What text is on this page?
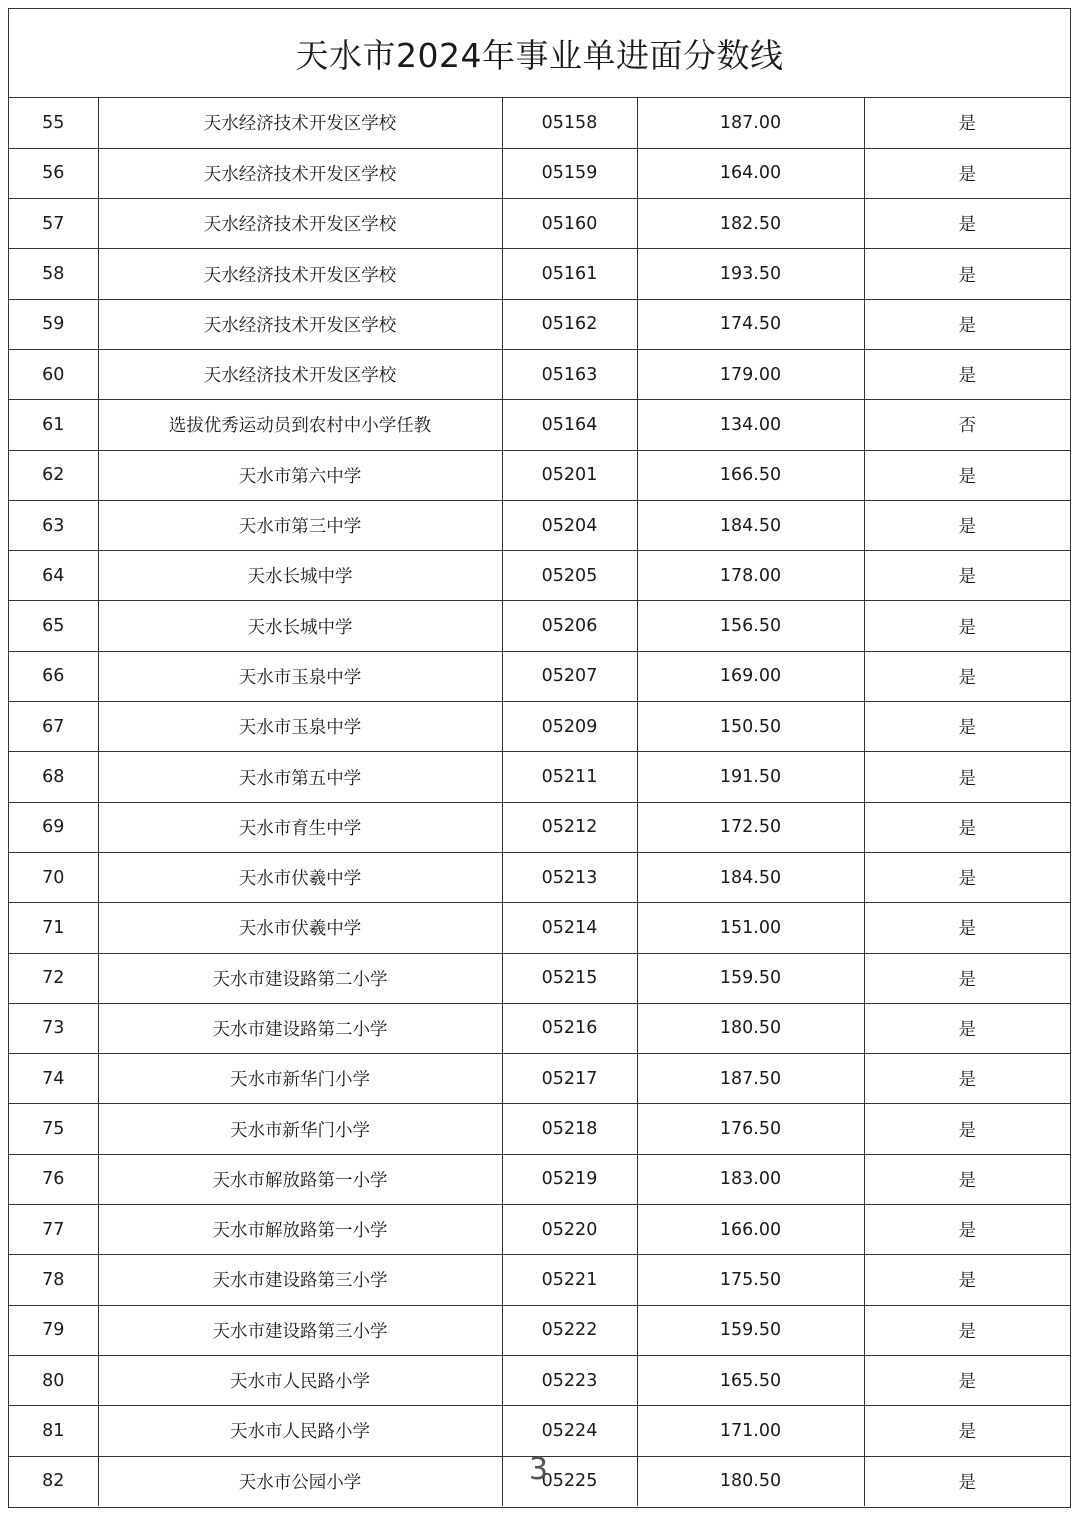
天水市2024年事业单进面分数线
55	天水经济技术开发区学校	05158	187.00	是
56	天水经济技术开发区学校	05159	164.00	是
57	天水经济技术开发区学校	05160	182.50	是
58	天水经济技术开发区学校	05161	193.50	是
59	天水经济技术开发区学校	05162	174.50	是
60	天水经济技术开发区学校	05163	179.00	是
61	选拔优秀运动员到农村中小学任教	05164	134.00	否
62	天水市第六中学	05201	166.50	是
63	天水市第三中学	05204	184.50	是
64	天水长城中学	05205	178.00	是
65	天水长城中学	05206	156.50	是
66	天水市玉泉中学	05207	169.00	是
67	天水市玉泉中学	05209	150.50	是
68	天水市第五中学	05211	191.50	是
69	天水市育生中学	05212	172.50	是
70	天水市伏羲中学	05213	184.50	是
71	天水市伏羲中学	05214	151.00	是
72	天水市建设路第二小学	05215	159.50	是
73	天水市建设路第二小学	05216	180.50	是
74	天水市新华门小学	05217	187.50	是
75	天水市新华门小学	05218	176.50	是
76	天水市解放路第一小学	05219	183.00	是
77	天水市解放路第一小学	05220	166.00	是
78	天水市建设路第三小学	05221	175.50	是
79	天水市建设路第三小学	05222	159.50	是
80	天水市人民路小学	05223	165.50	是
81	天水市人民路小学	05224	171.00	是
82	天水市公园小学	05225	180.50	是
3
